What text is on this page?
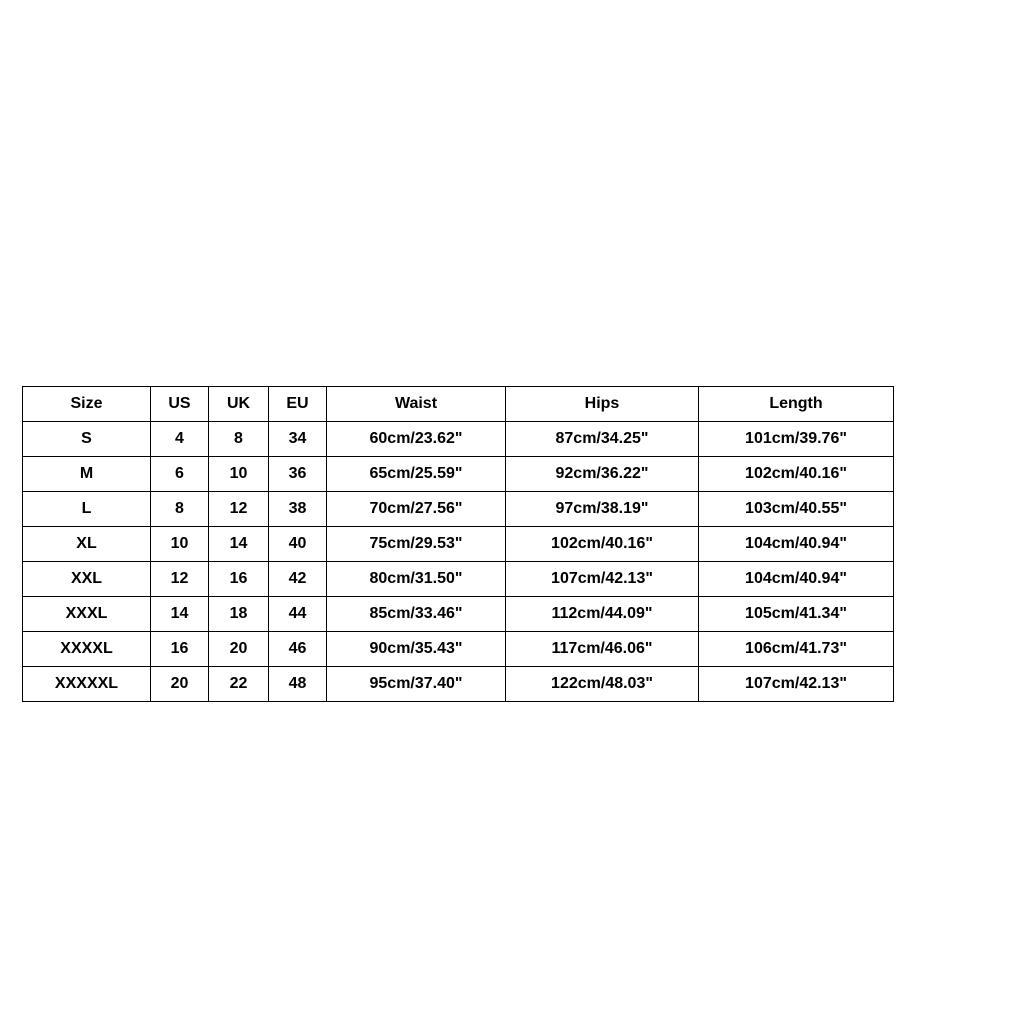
Size	US	UK	EU	Waist	Hips	Length
S	4	8	34	60cm/23.62"	87cm/34.25"	101cm/39.76"
M	6	10	36	65cm/25.59"	92cm/36.22"	102cm/40.16"
L	8	12	38	70cm/27.56"	97cm/38.19"	103cm/40.55"
XL	10	14	40	75cm/29.53"	102cm/40.16"	104cm/40.94"
XXL	12	16	42	80cm/31.50"	107cm/42.13"	104cm/40.94"
XXXL	14	18	44	85cm/33.46"	112cm/44.09"	105cm/41.34"
XXXXL	16	20	46	90cm/35.43"	117cm/46.06"	106cm/41.73"
XXXXXL	20	22	48	95cm/37.40"	122cm/48.03"	107cm/42.13"
